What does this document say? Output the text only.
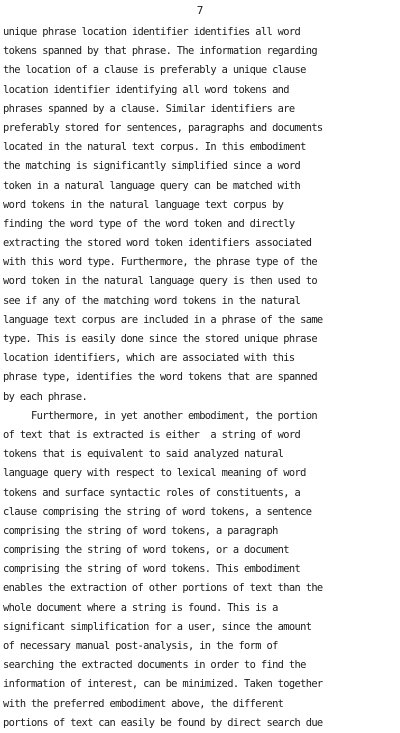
7
unique phrase location identifier identifies all word
tokens spanned by that phrase. The information regarding
the location of a clause is preferably a unique clause
location identifier identifying all word tokens and
phrases spanned by a clause. Similar identifiers are
preferably stored for sentences, paragraphs and documents
located in the natural text corpus. In this embodiment
the matching is significantly simplified since a word
token in a natural language query can be matched with
word tokens in the natural language text corpus by
finding the word type of the word token and directly
extracting the stored word token identifiers associated
with this word type. Furthermore, the phrase type of the
word token in the natural language query is then used to
see if any of the matching word tokens in the natural
language text corpus are included in a phrase of the same
type. This is easily done since the stored unique phrase
location identifiers, which are associated with this
phrase type, identifies the word tokens that are spanned
by each phrase.
Furthermore, in yet another embodiment, the portion
of text that is extracted is either  a string of word
tokens that is equivalent to said analyzed natural
language query with respect to lexical meaning of word
tokens and surface syntactic roles of constituents, a
clause comprising the string of word tokens, a sentence
comprising the string of word tokens, a paragraph
comprising the string of word tokens, or a document
comprising the string of word tokens. This embodiment
enables the extraction of other portions of text than the
whole document where a string is found. This is a
significant simplification for a user, since the amount
of necessary manual post-analysis, in the form of
searching the extracted documents in order to find the
information of interest, can be minimized. Taken together
with the preferred embodiment above, the different
portions of text can easily be found by direct search due
